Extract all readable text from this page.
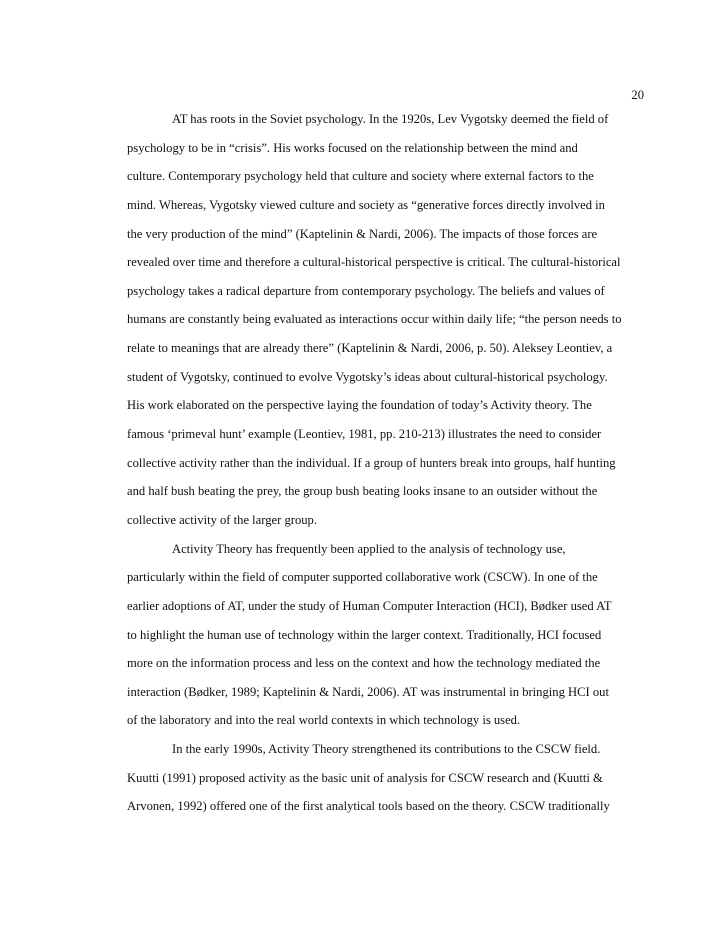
20
AT has roots in the Soviet psychology. In the 1920s, Lev Vygotsky deemed the field of
psychology to be in “crisis”. His works focused on the relationship between the mind and
culture. Contemporary psychology held that culture and society where external factors to the
mind. Whereas, Vygotsky viewed culture and society as “generative forces directly involved in
the very production of the mind” (Kaptelinin & Nardi, 2006). The impacts of those forces are
revealed over time and therefore a cultural-historical perspective is critical. The cultural-historical
psychology takes a radical departure from contemporary psychology. The beliefs and values of
humans are constantly being evaluated as interactions occur within daily life; “the person needs to
relate to meanings that are already there” (Kaptelinin & Nardi, 2006, p. 50). Aleksey Leontiev, a
student of Vygotsky, continued to evolve Vygotsky’s ideas about cultural-historical psychology.
His work elaborated on the perspective laying the foundation of today’s Activity theory. The
famous ‘primeval hunt’ example (Leontiev, 1981, pp. 210-213) illustrates the need to consider
collective activity rather than the individual. If a group of hunters break into groups, half hunting
and half bush beating the prey, the group bush beating looks insane to an outsider without the
collective activity of the larger group.
Activity Theory has frequently been applied to the analysis of technology use,
particularly within the field of computer supported collaborative work (CSCW). In one of the
earlier adoptions of AT, under the study of Human Computer Interaction (HCI), Bødker used AT
to highlight the human use of technology within the larger context. Traditionally, HCI focused
more on the information process and less on the context and how the technology mediated the
interaction (Bødker, 1989; Kaptelinin & Nardi, 2006). AT was instrumental in bringing HCI out
of the laboratory and into the real world contexts in which technology is used.
In the early 1990s, Activity Theory strengthened its contributions to the CSCW field.
Kuutti (1991) proposed activity as the basic unit of analysis for CSCW research and (Kuutti &
Arvonen, 1992) offered one of the first analytical tools based on the theory. CSCW traditionally
